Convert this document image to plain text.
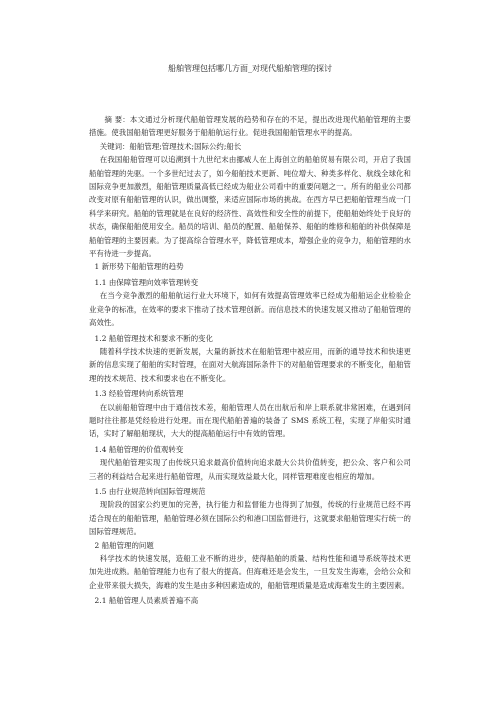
船舶管理包括哪几方面_对现代船舶管理的探讨

摘 要：本文通过分析现代船舶管理发展的趋势和存在的不足，提出改进现代船舶管理的主要措施。使我国船舶管理更好服务于船舶航运行业。促进我国船舶管理水平的提高。

关键词：船舶管理;管理技术;国际公约;船长

在我国船舶管理可以追溯到十九世纪末由挪威人在上海创立的船舶贸易有限公司，开启了我国船舶管理的先驱。一个多世纪过去了，如今船舶技术更新、吨位增大、种类多样化、航线全球化和国际竞争更加激烈，船舶管理质量高低已经成为船业公司看中的重要问题之一。所有的船业公司都改变对原有船舶管理的认识，做出调整，来适应国际市场的挑战。在西方早已把船舶管理当成一门科学来研究。船舶的管理就是在良好的经济性、高效性和安全性的前提下，使船舶始终处于良好的状态，确保船舶使用安全。船员的培训、船员的配置、船舶保养、船舶的维修和船舶的补供保障是船舶管理的主要因素。为了提高综合管理水平，降低管理成本，增强企业的竞争力，船舶管理的水平有待进一步提高。

1 新形势下船舶管理的趋势
1.1 由保障管理向效率管理转变

在当今竞争激烈的船舶航运行业大环境下，如何有效提高管理效率已经成为船舶运企业检验企业竞争的标准，在效率的要求下推动了技术管理创新。而信息技术的快速发展又推动了船舶管理的高效性。

1.2 船舶管理技术和要求不断的变化

随着科学技术快速的更新发展，大量的新技术在船舶管理中被应用，而新的通导技术和快速更新的信息实现了船舶的实时管理，在面对大航海国际条件下的对船舶管理要求的不断变化，船舶管理的技术规范、技术和要求也在不断变化。

1.3 经验管理转向系统管理

在以前船舶管理中由于通信技术差，船舶管理人员在出航后和岸上联系就非常困难，在遇到问题时往往都是凭经验进行处理。而在现代船舶普遍的装备了 SMS 系统工程，实现了岸船实时通话，实时了解船舶现状，大大的提高船舶运行中有效的管理。

1.4 船舶管理的价值观转变

现代船舶管理实现了由传统只追求最高价值转向追求最大公共价值转变，把公众、客户和公司三者的利益结合起来进行船舶管理，从而实现效益最大化，同样管理难度也相应的增加。

1.5 由行业规范转向国际管理规范

现阶段的国家公约更加的完善，执行能力和监督能力也得到了加强，传统的行业规范已经不再适合现在的船舶管理，船舶管理必须在国际公约和港口国监督进行，这就要求船舶管理实行统一的国际管理规范。

2 船舶管理的问题

科学技术的快速发展，造船工业不断的进步，使得船舶的质量、结构性能和通导系统等技术更加先进成熟。船舶管理能力也有了很大的提高。但海难还是会发生，一旦发发生海难，会给公众和企业带来很大损失，海难的发生是由多种因素造成的，船舶管理质量是造成海难发生的主要因素。

2.1 船舶管理人员素质普遍不高
